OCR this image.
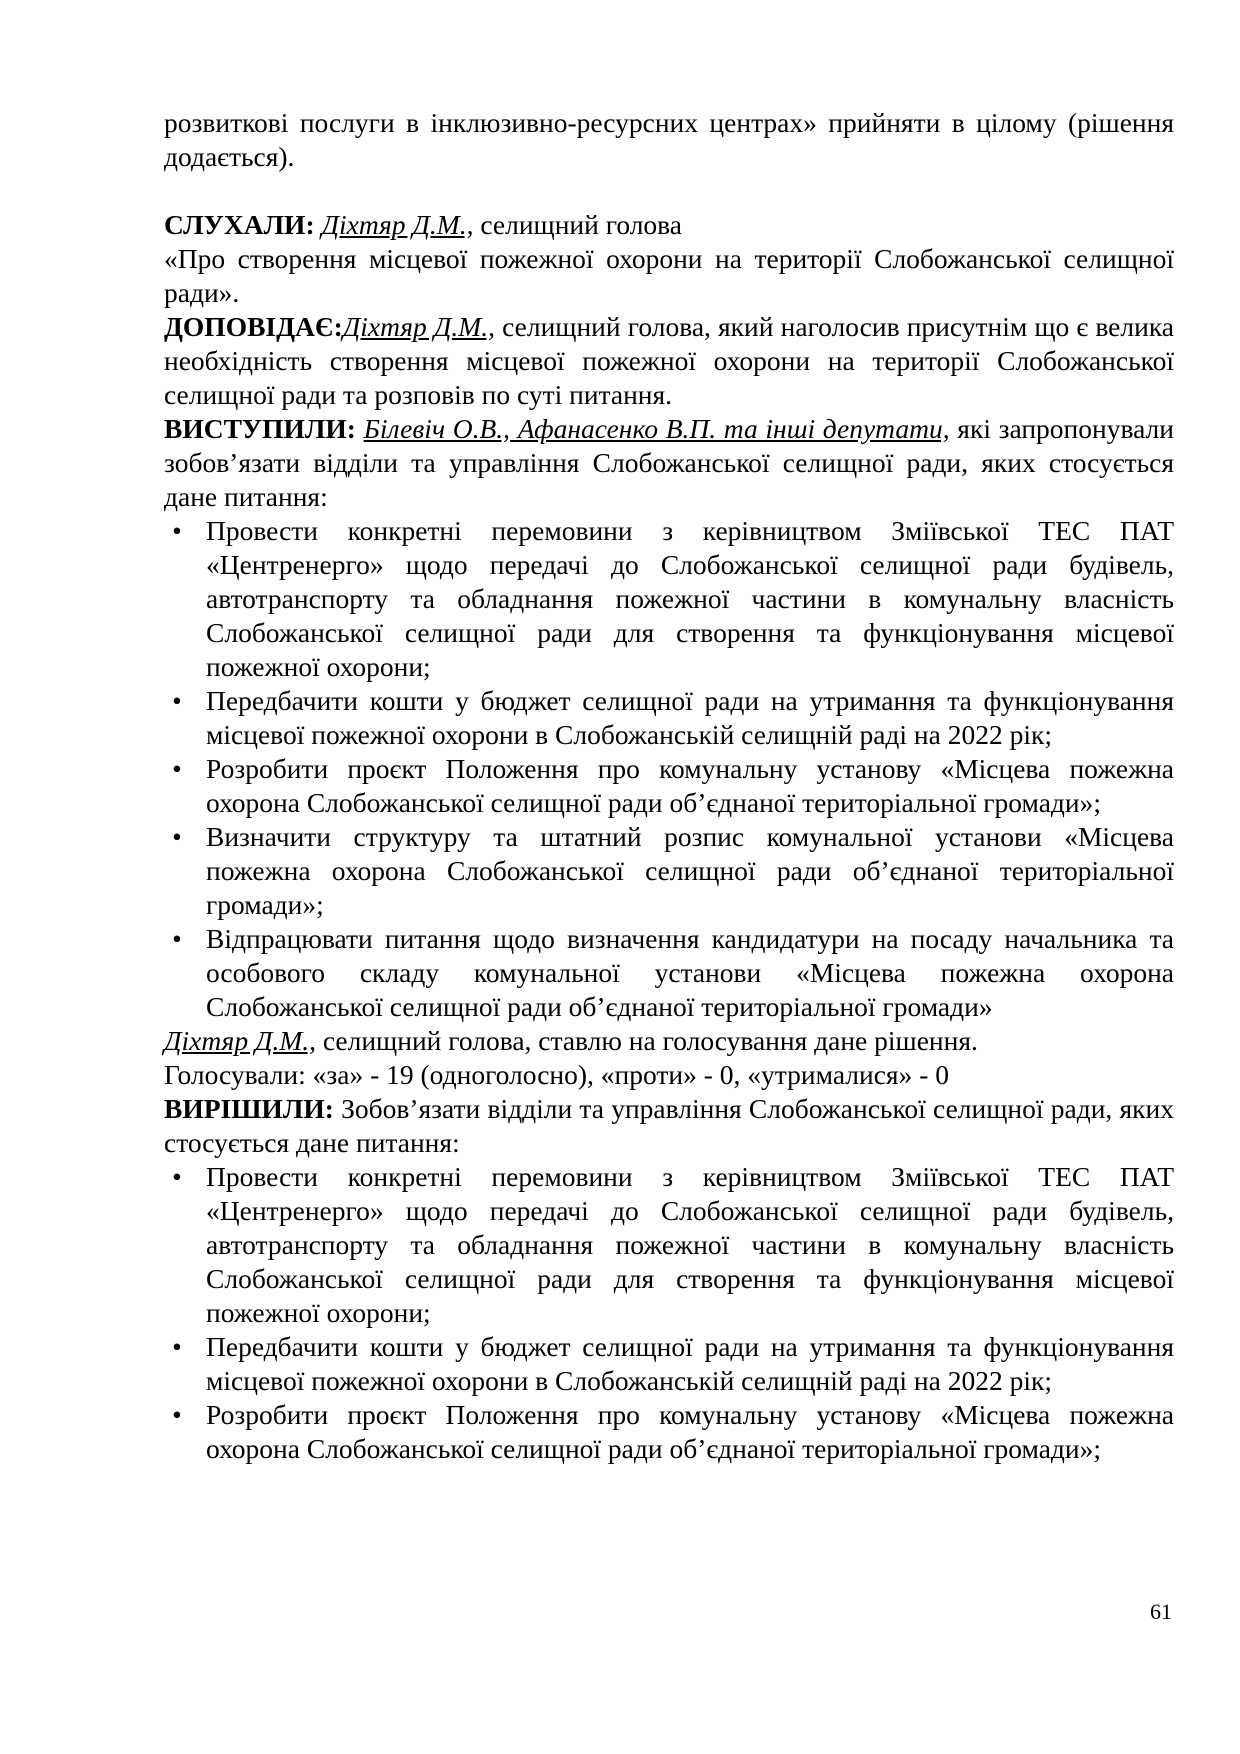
розвиткові послуги в інклюзивно-ресурсних центрах» прийняти в цілому (рішення додається).

СЛУХАЛИ: Діхтяр Д.М., селищний голова

«Про створення місцевої пожежної охорони на території Слобожанської селищної ради».

ДОПОВІДАЄ:Діхтяр Д.М., селищний голова, який наголосив присутнім що є велика необхідність створення місцевої пожежної охорони на території Слобожанської селищної ради та розповів по суті питання.

ВИСТУПИЛИ: Білевіч О.В., Афанасенко В.П. та інші депутати, які запропонували зобов’язати відділи та управління Слобожанської селищної ради, яких стосується дане питання:

• Провести конкретні перемовини з керівництвом Зміївської ТЕС ПАТ «Центренерго» щодо передачі до Слобожанської селищної ради будівель, автотранспорту та обладнання пожежної частини в комунальну власність Слобожанської селищної ради для створення та функціонування місцевої пожежної охорони;
• Передбачити кошти у бюджет селищної ради на утримання та функціонування місцевої пожежної охорони в Слобожанській селищній раді на 2022 рік;
• Розробити проєкт Положення про комунальну установу «Місцева пожежна охорона Слобожанської селищної ради об’єднаної територіальної громади»;
• Визначити структуру та штатний розпис комунальної установи «Місцева пожежна охорона Слобожанської селищної ради об’єднаної територіальної громади»;
• Відпрацювати питання щодо визначення кандидатури на посаду начальника та особового складу комунальної установи «Місцева пожежна охорона Слобожанської селищної ради об’єднаної територіальної громади»

Діхтяр Д.М., селищний голова, ставлю на голосування дане рішення.

Голосували: «за» - 19 (одноголосно), «проти» - 0, «утрималися» - 0

ВИРІШИЛИ: Зобов’язати відділи та управління Слобожанської селищної ради, яких стосується дане питання:

• Провести конкретні перемовини з керівництвом Зміївської ТЕС ПАТ «Центренерго» щодо передачі до Слобожанської селищної ради будівель, автотранспорту та обладнання пожежної частини в комунальну власність Слобожанської селищної ради для створення та функціонування місцевої пожежної охорони;
• Передбачити кошти у бюджет селищної ради на утримання та функціонування місцевої пожежної охорони в Слобожанській селищній раді на 2022 рік;
• Розробити проєкт Положення про комунальну установу «Місцева пожежна охорона Слобожанської селищної ради об’єднаної територіальної громади»;
61
